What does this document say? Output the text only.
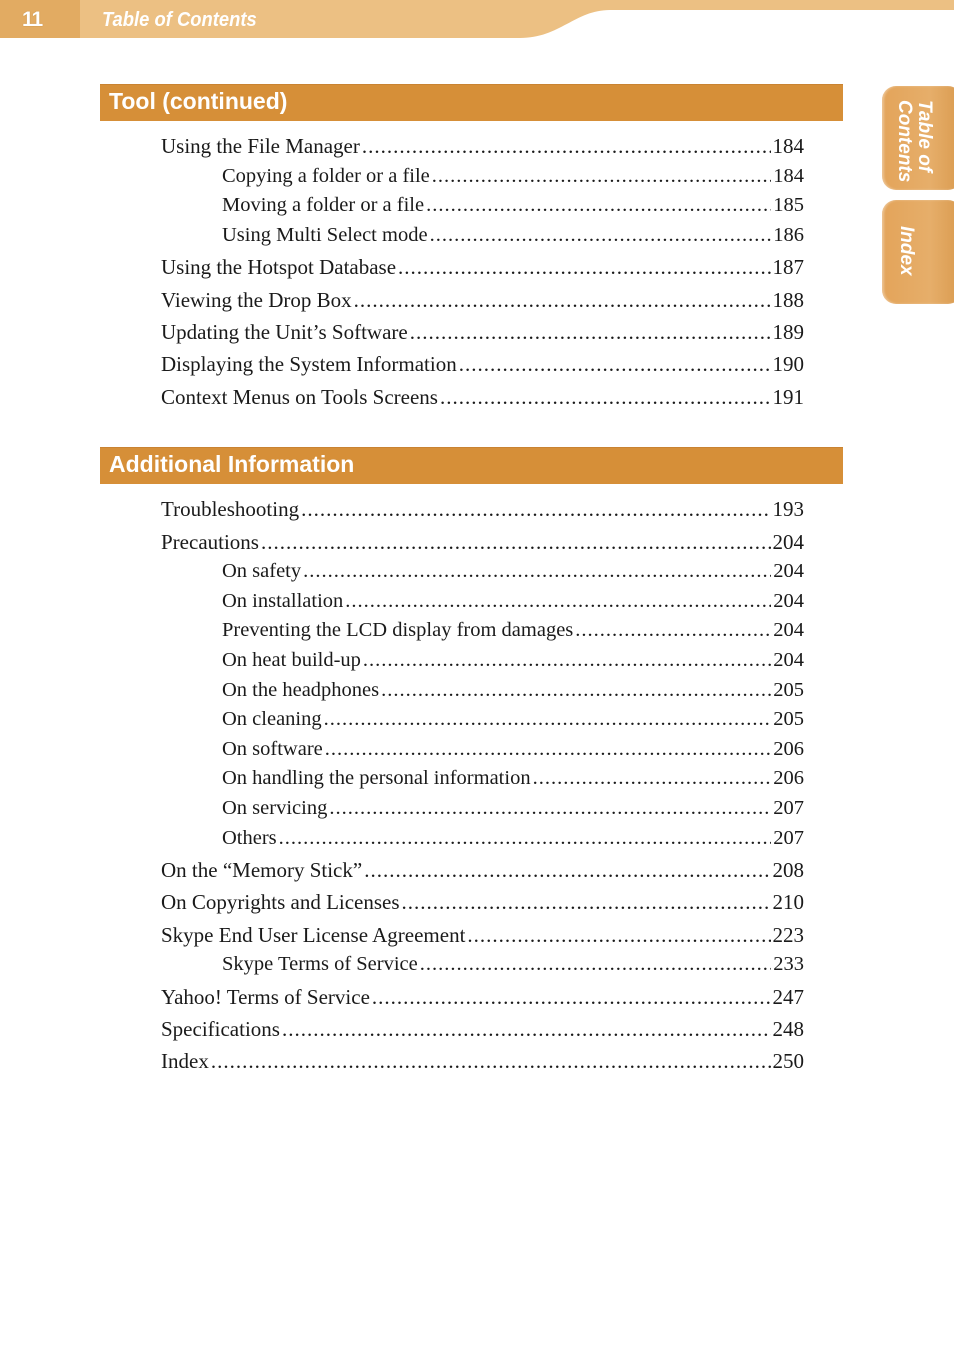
11	Table of Contents
Table of Contents
Index
Tool (continued)
Using the File Manager .....	184
Copying a folder or a file .....	184
Moving a folder or a file .....	185
Using Multi Select mode .....	186
Using the Hotspot Database .....	187
Viewing the Drop Box .....	188
Updating the Unit’s Software .....	189
Displaying the System Information .....	190
Context Menus on Tools Screens .....	191
Additional Information
Troubleshooting .....	193
Precautions .....	204
On safety .....	204
On installation .....	204
Preventing the LCD display from damages .....	204
On heat build-up .....	204
On the headphones .....	205
On cleaning .....	205
On software .....	206
On handling the personal information .....	206
On servicing .....	207
Others .....	207
On the “Memory Stick” .....	208
On Copyrights and Licenses .....	210
Skype End User License Agreement .....	223
Skype Terms of Service .....	233
Yahoo! Terms of Service .....	247
Specifications .....	248
Index .....	250
